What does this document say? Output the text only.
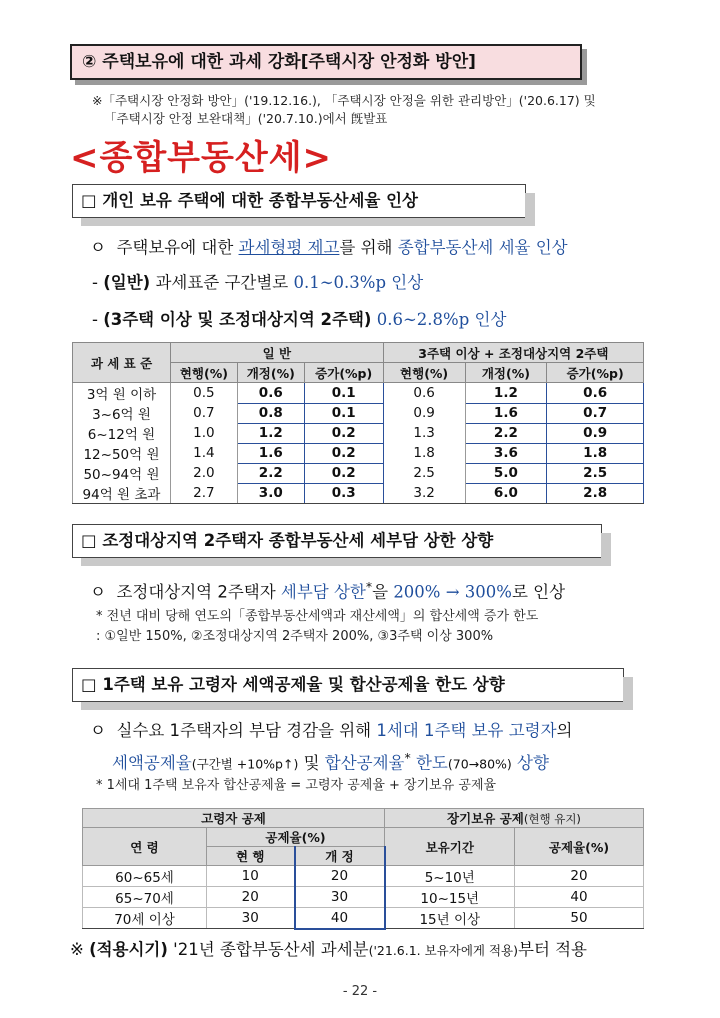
② 주택보유에 대한 과세 강화[주택시장 안정화 방안]
※「주택시장 안정화 방안」('19.12.16.), 「주택시장 안정을 위한 관리방안」('20.6.17) 및
「주택시장 안정 보완대책」('20.7.10.)에서 旣발표
<종합부동산세>
□ 개인 보유 주택에 대한 종합부동산세율 인상
ㅇ 주택보유에 대한 과세형평 제고를 위해 종합부동산세 세율 인상
- (일반) 과세표준 구간별로 0.1∼0.3%p 인상
- (3주택 이상 및 조정대상지역 2주택) 0.6∼2.8%p 인상
과 세 표 준	일 반			3주택 이상 + 조정대상지역 2주택		
	현행(%)	개정(%)	증가(%p)	현행(%)	개정(%)	증가(%p)
3억 원 이하	0.5	0.6	0.1	0.6	1.2	0.6
3~6억 원	0.7	0.8	0.1	0.9	1.6	0.7
6~12억 원	1.0	1.2	0.2	1.3	2.2	0.9
12~50억 원	1.4	1.6	0.2	1.8	3.6	1.8
50~94억 원	2.0	2.2	0.2	2.5	5.0	2.5
94억 원 초과	2.7	3.0	0.3	3.2	6.0	2.8
□ 조정대상지역 2주택자 종합부동산세 세부담 상한 상향
ㅇ 조정대상지역 2주택자 세부담 상한*을 200% → 300%로 인상
* 전년 대비 당해 연도의「종합부동산세액과 재산세액」의 합산세액 증가 한도
: ①일반 150%, ②조정대상지역 2주택자 200%, ③3주택 이상 300%
□ 1주택 보유 고령자 세액공제율 및 합산공제율 한도 상향
ㅇ 실수요 1주택자의 부담 경감을 위해 1세대 1주택 보유 고령자의
세액공제율(구간별 +10%p↑) 및 합산공제율* 한도(70→80%) 상향
* 1세대 1주택 보유자 합산공제율 = 고령자 공제율 + 장기보유 공제율
고령자 공제			장기보유 공제(현행 유지)	
연 령	공제율(%)		보유기간	공제율(%)
	현 행	개 정		
60~65세	10	20	5~10년	20
65~70세	20	30	10~15년	40
70세 이상	30	40	15년 이상	50
※ (적용시기) '21년 종합부동산세 과세분('21.6.1. 보유자에게 적용)부터 적용
- 22 -
